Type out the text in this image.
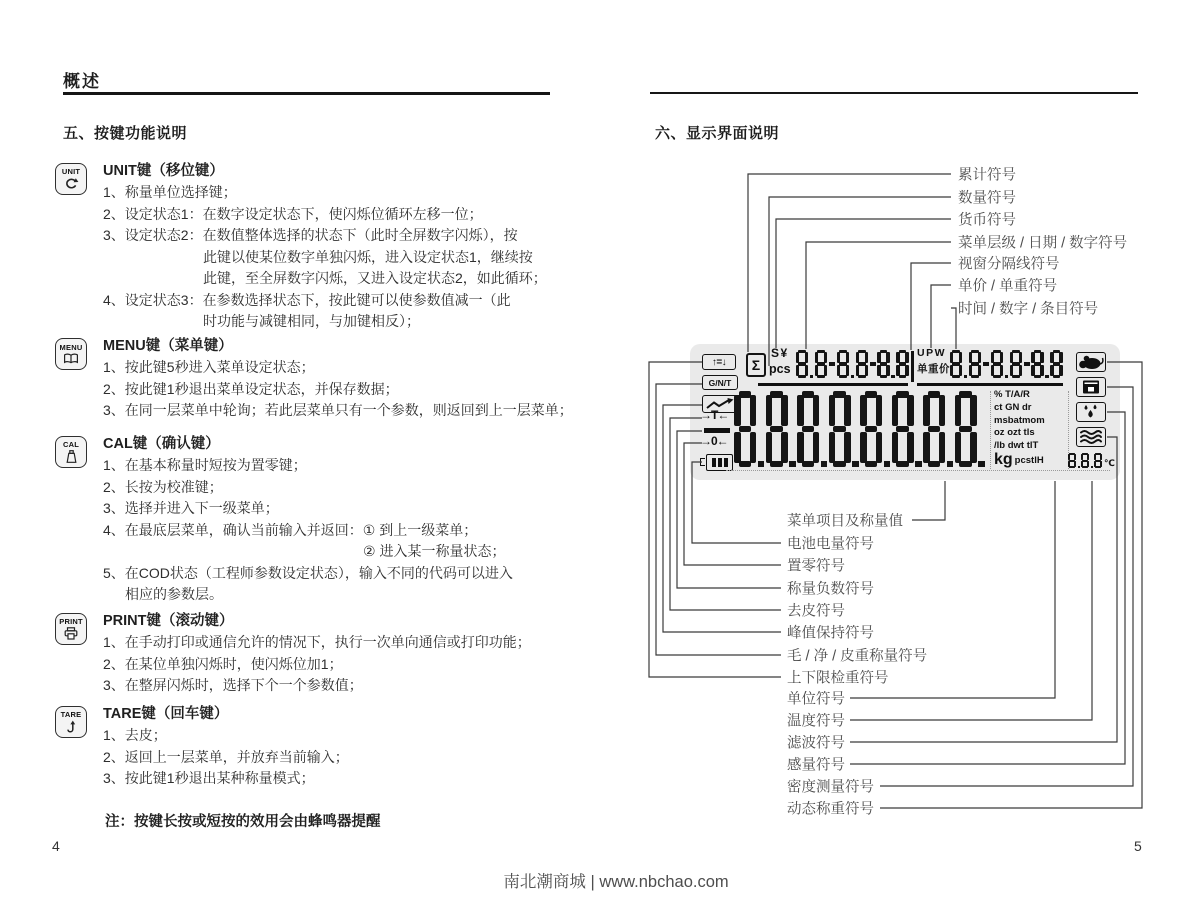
概述
五、按键功能说明	六、显示界面说明
UNIT UNIT键（移位键）
1、称量单位选择键；
2、设定状态1：在数字设定状态下，使闪烁位循环左移一位；
3、设定状态2：在数值整体选择的状态下（此时全屏数字闪烁），按
此键以使某位数字单独闪烁，进入设定状态1，继续按
此键，至全屏数字闪烁，又进入设定状态2，如此循环；
4、设定状态3：在参数选择状态下，按此键可以使参数值减一（此
时功能与减键相同，与加键相反）；
MENU MENU键（菜单键）
1、按此键5秒进入菜单设定状态；
2、按此键1秒退出菜单设定状态，并保存数据；
3、在同一层菜单中轮询；若此层菜单只有一个参数，则返回到上一层菜单；
CAL CAL键（确认键）
1、在基本称量时短按为置零键；
2、长按为校准键；
3、选择并进入下一级菜单；
4、在最底层菜单，确认当前输入并返回：① 到上一级菜单；
② 进入某一称量状态；
5、在COD状态（工程师参数设定状态），输入不同的代码可以进入
相应的参数层。
PRINT PRINT键（滚动键）
1、在手动打印或通信允许的情况下，执行一次单向通信或打印功能；
2、在某位单独闪烁时，使闪烁位加1；
3、在整屏闪烁时，选择下个一个参数值；
TARE TARE键（回车键）
1、去皮；
2、返回上一层菜单，并放弃当前输入；
3、按此键1秒退出某种称量模式；
注：按键长按或短按的效用会由蜂鸣器提醒
4	5
↑=↓
G/N/T
→T←
→0←
Σ
S¥
pcs
UPW
单重价
% T/A/R
ct GN dr
msbatmom
oz ozt tls
/lb dwt tlT
kg pcstlH	℃
累计符号
数量符号
货币符号
菜单层级 / 日期 / 数字符号
视窗分隔线符号
单价 / 单重符号
时间 / 数字 / 条目符号
菜单项目及称量值
电池电量符号
置零符号
称量负数符号
去皮符号
峰值保持符号
毛 / 净 / 皮重称量符号
上下限检重符号
单位符号
温度符号
滤波符号
感量符号
密度测量符号
动态称重符号
南北潮商城 | www.nbchao.com
